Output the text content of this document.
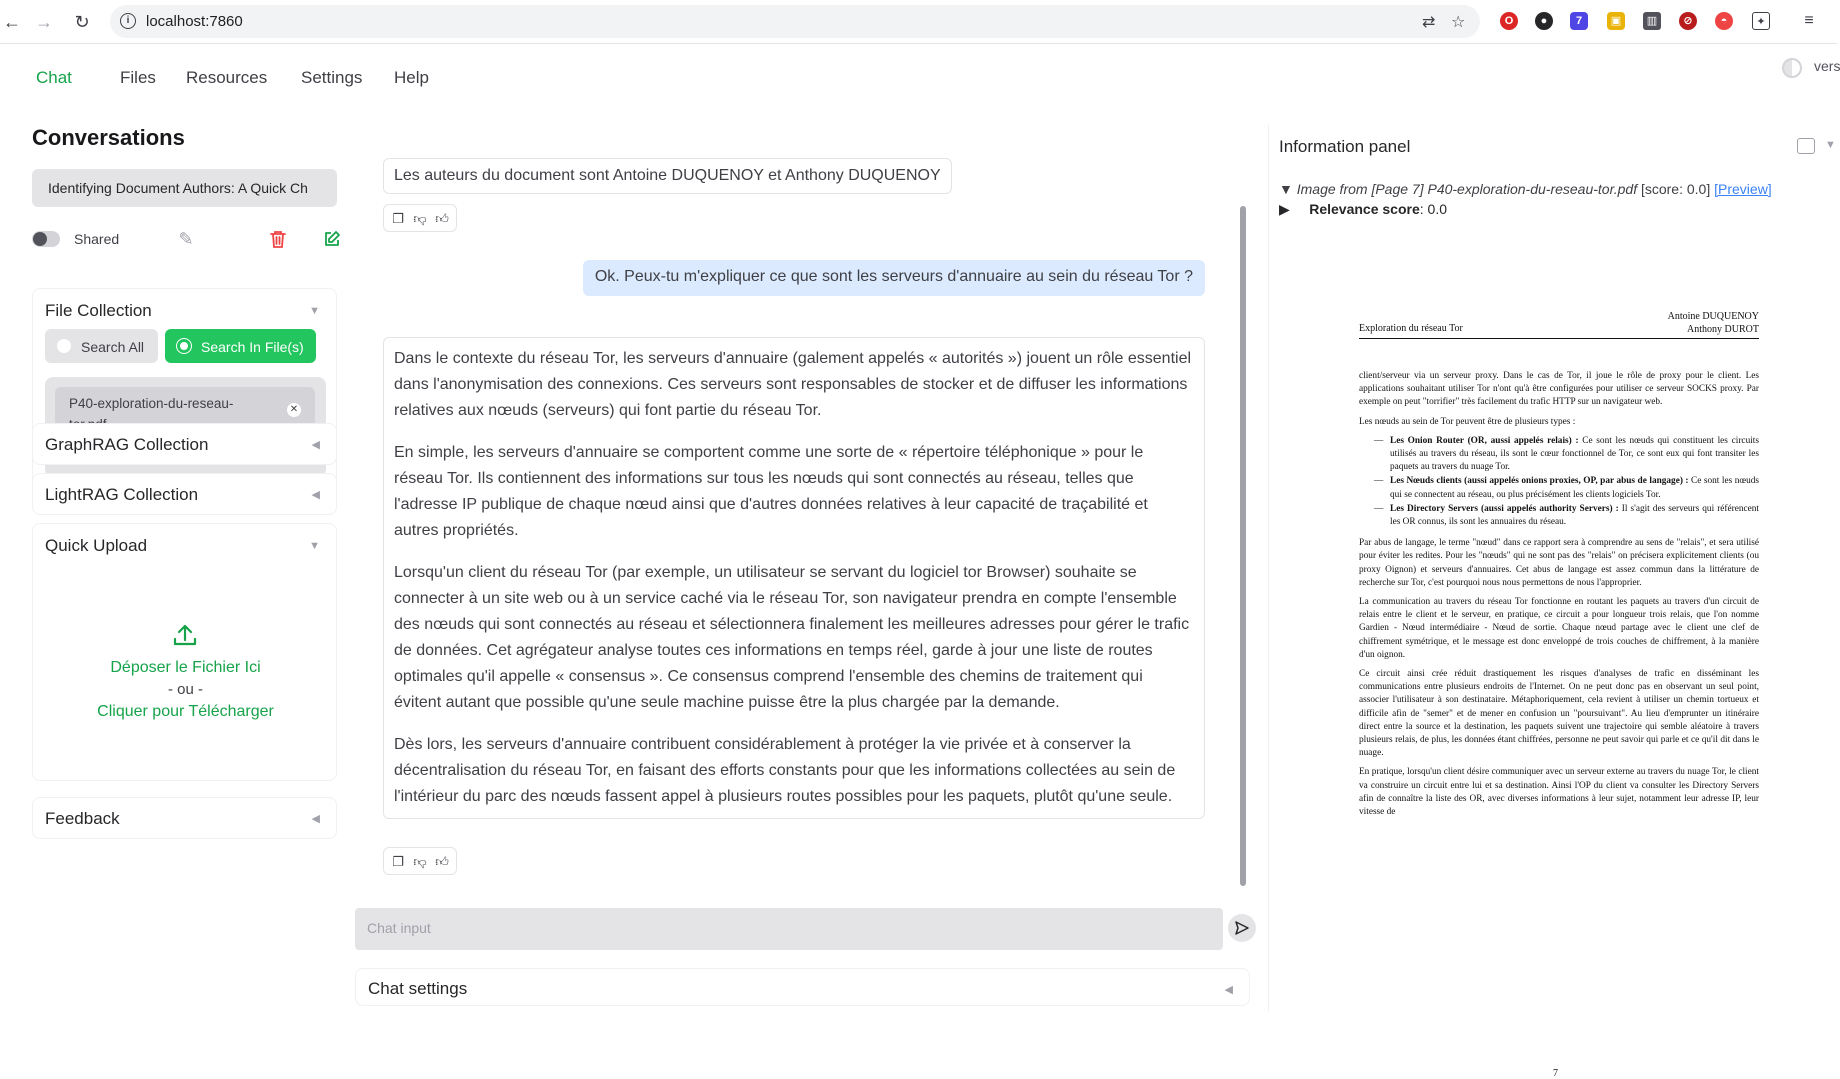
← → ↻	i	localhost:7860	⇄ ☆	O	●	7	▣	▥	⊘	◓	✦ ≡
Chat	Files	Resources	Settings	Help
vers
Conversations
Identifying Document Authors: A Quick Ch
Shared	✎
File Collection	▼
Search All	Search In File(s)
P40-exploration-du-reseau-	✕
GraphRAG Collection	◀
LightRAG Collection	◀
Quick Upload	▼
Déposer le Fichier Ici
- ou -
Cliquer pour Télécharger
Feedback	◀
Les auteurs du document sont Antoine DUQUENOY et Anthony DUQUENOY
❐ 👎︎ 👍︎
Ok. Peux-tu m'expliquer ce que sont les serveurs d'annuaire au sein du réseau Tor ?

Dans le contexte du réseau Tor, les serveurs d'annuaire (galement appelés « autorités ») jouent un rôle essentiel dans l'anonymisation des connexions. Ces serveurs sont responsables de stocker et de diffuser les informations relatives aux nœuds (serveurs) qui font partie du réseau Tor.

En simple, les serveurs d'annuaire se comportent comme une sorte de « répertoire téléphonique » pour le réseau Tor. Ils contiennent des informations sur tous les nœuds qui sont connectés au réseau, telles que l'adresse IP publique de chaque nœud ainsi que d'autres données relatives à leur capacité de traçabilité et autres propriétés.

Lorsqu'un client du réseau Tor (par exemple, un utilisateur se servant du logiciel tor Browser) souhaite se connecter à un site web ou à un service caché via le réseau Tor, son navigateur prendra en compte l'ensemble des nœuds qui sont connectés au réseau et sélectionnera finalement les meilleures adresses pour gérer le trafic de données. Cet agrégateur analyse toutes ces informations en temps réel, garde à jour une liste de routes optimales qu'il appelle « consensus ». Ce consensus comprend l'ensemble des chemins de traitement qui évitent autant que possible qu'une seule machine puisse être la plus chargée par la demande.

Dès lors, les serveurs d'annuaire contribuent considérablement à protéger la vie privée et à conserver la décentralisation du réseau Tor, en faisant des efforts constants pour que les informations collectées au sein de l'intérieur du parc des nœuds fassent appel à plusieurs routes possibles pour les paquets, plutôt qu'une seule.

❐ 👎︎ 👍︎
Chat input
Chat settings	◀
Information panel	▼
▼ Image from [Page 7] P40-exploration-du-reseau-tor.pdf [score: 0.0] [Preview]
▶     Relevance score: 0.0
Exploration du réseau Tor
Antoine DUQUENOY
Anthony DUROT

client/serveur via un serveur proxy. Dans le cas de Tor, il joue le rôle de proxy pour le client. Les applications souhaitant utiliser Tor n'ont qu'à être configurées pour utiliser ce serveur SOCKS proxy. Par exemple on peut "torrifier" très facilement du trafic HTTP sur un navigateur web.

Les nœuds au sein de Tor peuvent être de plusieurs types :

— Les Onion Router (OR, aussi appelés relais) : Ce sont les nœuds qui constituent les circuits utilisés au travers du réseau, ils sont le cœur fonctionnel de Tor, ce sont eux qui font transiter les paquets au travers du nuage Tor.
— Les Nœuds clients (aussi appelés onions proxies, OP, par abus de langage) : Ce sont les nœuds qui se connectent au réseau, ou plus précisément les clients logiciels Tor.
— Les Directory Servers (aussi appelés authority Servers) : Il s'agit des serveurs qui référencent les OR connus, ils sont les annuaires du réseau.

Par abus de langage, le terme "nœud" dans ce rapport sera à comprendre au sens de "relais", et sera utilisé pour éviter les redites. Pour les "nœuds" qui ne sont pas des "relais" on précisera explicitement clients (ou proxy Oignon) et serveurs d'annuaires. Cet abus de langage est assez commun dans la littérature de recherche sur Tor, c'est pourquoi nous nous permettons de nous l'approprier.

La communication au travers du réseau Tor fonctionne en routant les paquets au travers d'un circuit de relais entre le client et le serveur, en pratique, ce circuit a pour longueur trois relais, que l'on nomme Gardien - Nœud intermédiaire - Nœud de sortie. Chaque nœud partage avec le client une clef de chiffrement symétrique, et le message est donc enveloppé de trois couches de chiffrement, à la manière d'un oignon.

Ce circuit ainsi crée réduit drastiquement les risques d'analyses de trafic en disséminant les communications entre plusieurs endroits de l'Internet. On ne peut donc pas en observant un seul point, associer l'utilisateur à son destinataire. Métaphoriquement, cela revient à utiliser un chemin tortueux et difficile afin de "semer" et de mener en confusion un "poursuivant". Au lieu d'emprunter un itinéraire direct entre la source et la destination, les paquets suivent une trajectoire qui semble aléatoire à travers plusieurs relais, de plus, les données étant chiffrées, personne ne peut savoir qui parle et ce qu'il dit dans le nuage.

En pratique, lorsqu'un client désire communiquer avec un serveur externe au travers du nuage Tor, le client va construire un circuit entre lui et sa destination. Ainsi l'OP du client va consulter les Directory Servers afin de connaître la liste des OR, avec diverses informations à leur sujet, notamment leur adresse IP, leur vitesse de

7
